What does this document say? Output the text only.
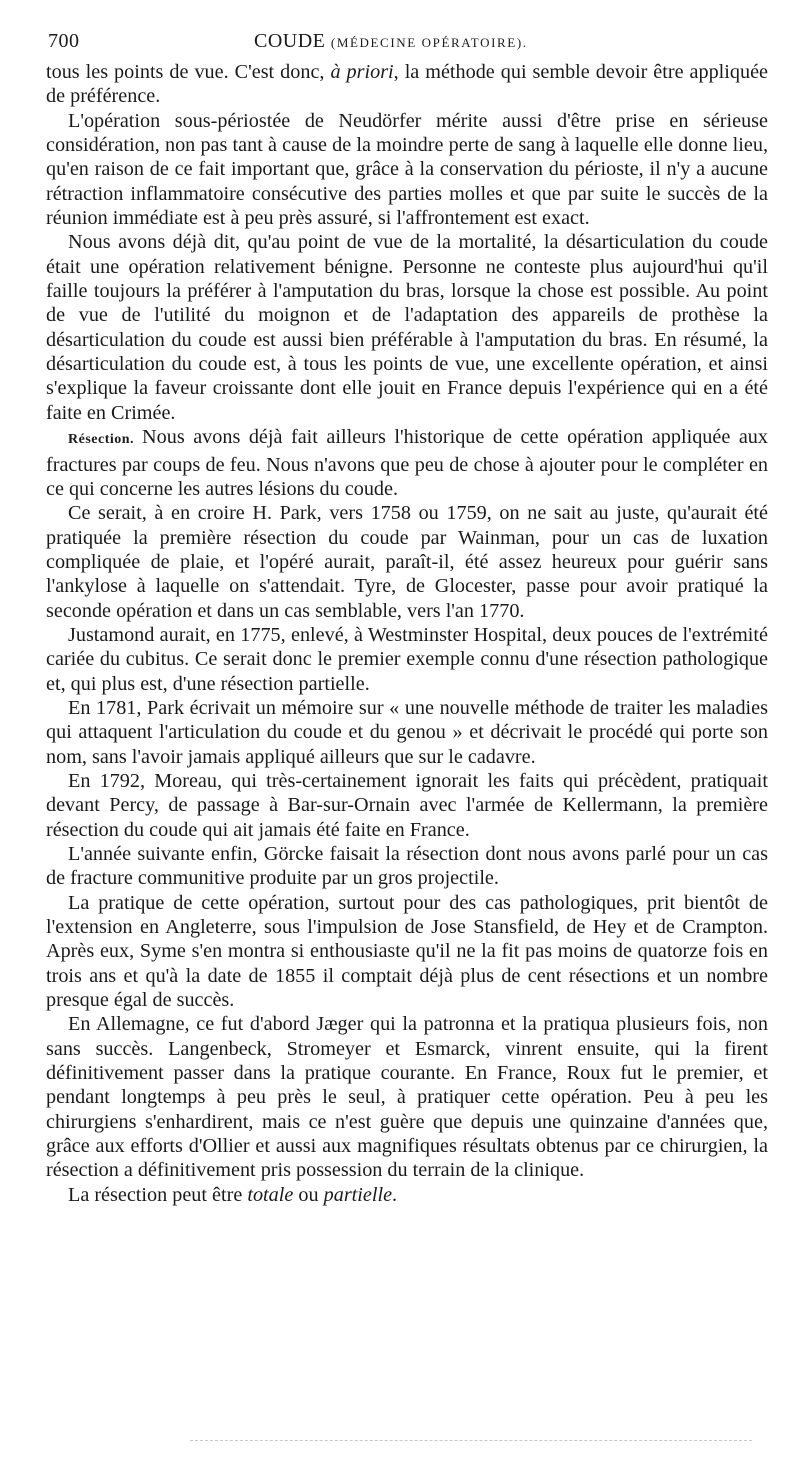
700	COUDE (MÉDECINE OPÉRATOIRE).

tous les points de vue. C'est donc, à priori, la méthode qui semble devoir être appliquée de préférence.

L'opération sous-périostée de Neudörfer mérite aussi d'être prise en sérieuse considération, non pas tant à cause de la moindre perte de sang à laquelle elle donne lieu, qu'en raison de ce fait important que, grâce à la conservation du périoste, il n'y a aucune rétraction inflammatoire consécutive des parties molles et que par suite le succès de la réunion immédiate est à peu près assuré, si l'affrontement est exact.

Nous avons déjà dit, qu'au point de vue de la mortalité, la désarticulation du coude était une opération relativement bénigne. Personne ne conteste plus aujourd'hui qu'il faille toujours la préférer à l'amputation du bras, lorsque la chose est possible. Au point de vue de l'utilité du moignon et de l'adaptation des appareils de prothèse la désarticulation du coude est aussi bien préférable à l'amputation du bras. En résumé, la désarticulation du coude est, à tous les points de vue, une excellente opération, et ainsi s'explique la faveur croissante dont elle jouit en France depuis l'expérience qui en a été faite en Crimée.

Résection. Nous avons déjà fait ailleurs l'historique de cette opération appliquée aux fractures par coups de feu. Nous n'avons que peu de chose à ajouter pour le compléter en ce qui concerne les autres lésions du coude.

Ce serait, à en croire H. Park, vers 1758 ou 1759, on ne sait au juste, qu'aurait été pratiquée la première résection du coude par Wainman, pour un cas de luxation compliquée de plaie, et l'opéré aurait, paraît-il, été assez heureux pour guérir sans l'ankylose à laquelle on s'attendait. Tyre, de Glocester, passe pour avoir pratiqué la seconde opération et dans un cas semblable, vers l'an 1770.

Justamond aurait, en 1775, enlevé, à Westminster Hospital, deux pouces de l'extrémité cariée du cubitus. Ce serait donc le premier exemple connu d'une résection pathologique et, qui plus est, d'une résection partielle.

En 1781, Park écrivait un mémoire sur « une nouvelle méthode de traiter les maladies qui attaquent l'articulation du coude et du genou » et décrivait le procédé qui porte son nom, sans l'avoir jamais appliqué ailleurs que sur le cadavre.

En 1792, Moreau, qui très-certainement ignorait les faits qui précèdent, pratiquait devant Percy, de passage à Bar-sur-Ornain avec l'armée de Kellermann, la première résection du coude qui ait jamais été faite en France.

L'année suivante enfin, Görcke faisait la résection dont nous avons parlé pour un cas de fracture communitive produite par un gros projectile.

La pratique de cette opération, surtout pour des cas pathologiques, prit bientôt de l'extension en Angleterre, sous l'impulsion de Jose Stansfield, de Hey et de Crampton. Après eux, Syme s'en montra si enthousiaste qu'il ne la fit pas moins de quatorze fois en trois ans et qu'à la date de 1855 il comptait déjà plus de cent résections et un nombre presque égal de succès.

En Allemagne, ce fut d'abord Jæger qui la patronna et la pratiqua plusieurs fois, non sans succès. Langenbeck, Stromeyer et Esmarck, vinrent ensuite, qui la firent définitivement passer dans la pratique courante. En France, Roux fut le premier, et pendant longtemps à peu près le seul, à pratiquer cette opération. Peu à peu les chirurgiens s'enhardirent, mais ce n'est guère que depuis une quinzaine d'années que, grâce aux efforts d'Ollier et aussi aux magnifiques résultats obtenus par ce chirurgien, la résection a définitivement pris possession du terrain de la clinique.

La résection peut être totale ou partielle.
